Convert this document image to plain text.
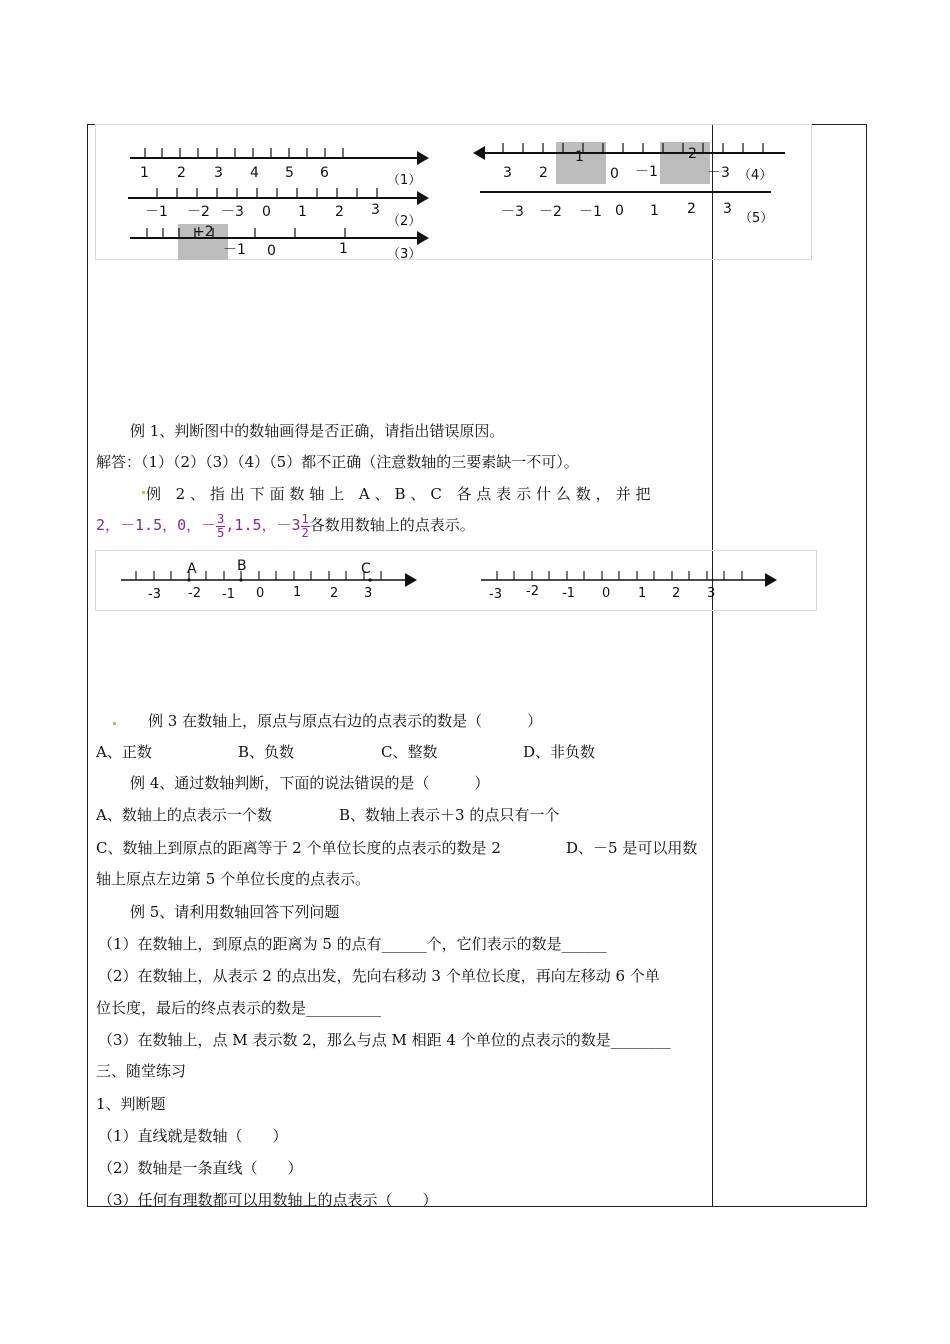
1 2 3 4 5 6	（1）
－1 －2 －3 0 1 2 3
（2）
+2
－1 0	1	（3）
3 2
1
0 －1
2
－3 （4）
－3 －2 －1 0 1 2 3
（5）
例 1、判断图中的数轴画得是否正确，请指出错误原因。
解答：（1）（2）（3）（4）（5）都不正确（注意数轴的三要素缺一不可）。
例 2、指出下面数轴上 A、B、C 各点表示什么数，并把
2，－1.5，0，－ $\frac{3}{5} ,1.5$，$-3 \frac{1}{2}$ 各数用数轴上的点表示。
A	B	C
-3 -2 -1 0 1 2 3	-3 -2 -1 0 1 2 3
例 3 在数轴上，原点与原点右边的点表示的数是（　　　）
A、正数	B、负数	C、整数	D、非负数
例 4、通过数轴判断，下面的说法错误的是（　　　）
A、数轴上的点表示一个数	B、数轴上表示＋3 的点只有一个
C、数轴上到原点的距离等于 2 个单位长度的点表示的数是 2	D、－5 是可以用数
轴上原点左边第 5 个单位长度的点表示。
例 5、请利用数轴回答下列问题
（1）在数轴上，到原点的距离为 5 的点有______个，它们表示的数是______
（2）在数轴上，从表示 2 的点出发，先向右移动 3 个单位长度，再向左移动 6 个单
位长度，最后的终点表示的数是__________
（3）在数轴上，点 M 表示数 2，那么与点 M 相距 4 个单位的点表示的数是________
三、随堂练习
1、判断题
（1）直线就是数轴（　　）
（2）数轴是一条直线（　　）
（3）任何有理数都可以用数轴上的点表示（　　）
